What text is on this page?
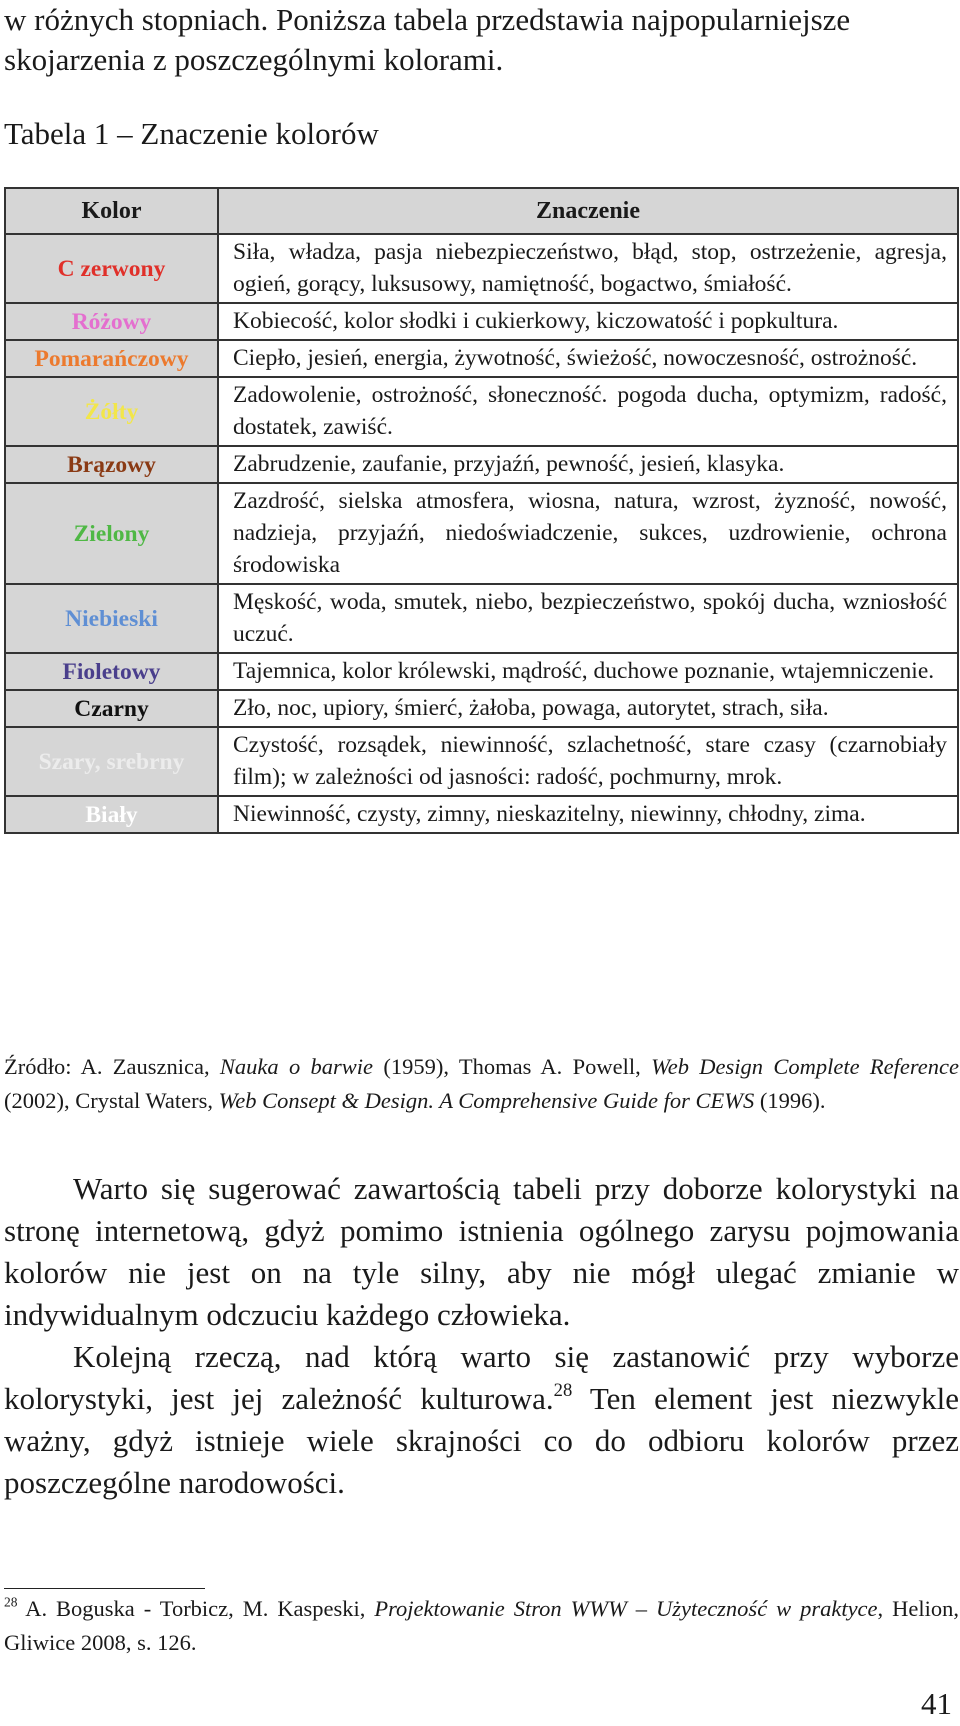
w różnych stopniach. Poniższa tabela przedstawia najpopularniejsze

skojarzenia z poszczególnymi kolorami.

Tabela 1 – Znaczenie kolorów
Kolor	Znaczenie
C zerwony	Siła, władza, pasja niebezpieczeństwo, błąd, stop, ostrzeżenie, agresja, ogień, gorący, luksusowy, namiętność, bogactwo, śmiałość.
Różowy	Kobiecość, kolor słodki i cukierkowy, kiczowatość i popkultura.
Pomarańczowy	Ciepło, jesień, energia, żywotność, świeżość, nowoczesność, ostrożność.
Żółty	Zadowolenie, ostrożność, słoneczność. pogoda ducha, optymizm, radość, dostatek, zawiść.
Brązowy	Zabrudzenie, zaufanie, przyjaźń, pewność, jesień, klasyka.
Zielony	Zazdrość, sielska atmosfera, wiosna, natura, wzrost, żyzność, nowość, nadzieja, przyjaźń, niedoświadczenie, sukces, uzdrowienie, ochrona środowiska
Niebieski	Męskość, woda, smutek, niebo, bezpieczeństwo, spokój ducha, wzniosłość uczuć.
Fioletowy	Tajemnica, kolor królewski, mądrość, duchowe poznanie, wtajemniczenie.
Czarny	Zło, noc, upiory, śmierć, żałoba, powaga, autorytet, strach, siła.
Szary, srebrny	Czystość, rozsądek, niewinność, szlachetność, stare czasy (czarnobiały film); w zależności od jasności: radość, pochmurny, mrok.
Biały	Niewinność, czysty, zimny, nieskazitelny, niewinny, chłodny, zima.

Źródło: A. Zausznica, Nauka o barwie (1959), Thomas A. Powell, Web Design Complete Reference (2002), Crystal Waters, Web Consept & Design. A Comprehensive Guide for CEWS (1996).

Warto się sugerować zawartością tabeli przy doborze kolorystyki na stronę internetową, gdyż pomimo istnienia ogólnego zarysu pojmowania kolorów nie jest on na tyle silny, aby nie mógł ulegać zmianie w indywidualnym odczuciu każdego człowieka.

Kolejną rzeczą, nad którą warto się zastanowić przy wyborze kolorystyki, jest jej zależność kulturowa.$^{28}$ Ten element jest niezwykle ważny, gdyż istnieje wiele skrajności co do odbioru kolorów przez poszczególne narodowości.

$^{28}$ A. Boguska - Torbicz, M. Kaspeski, Projektowanie Stron WWW – Użyteczność w praktyce, Helion, Gliwice 2008, s. 126.

41
